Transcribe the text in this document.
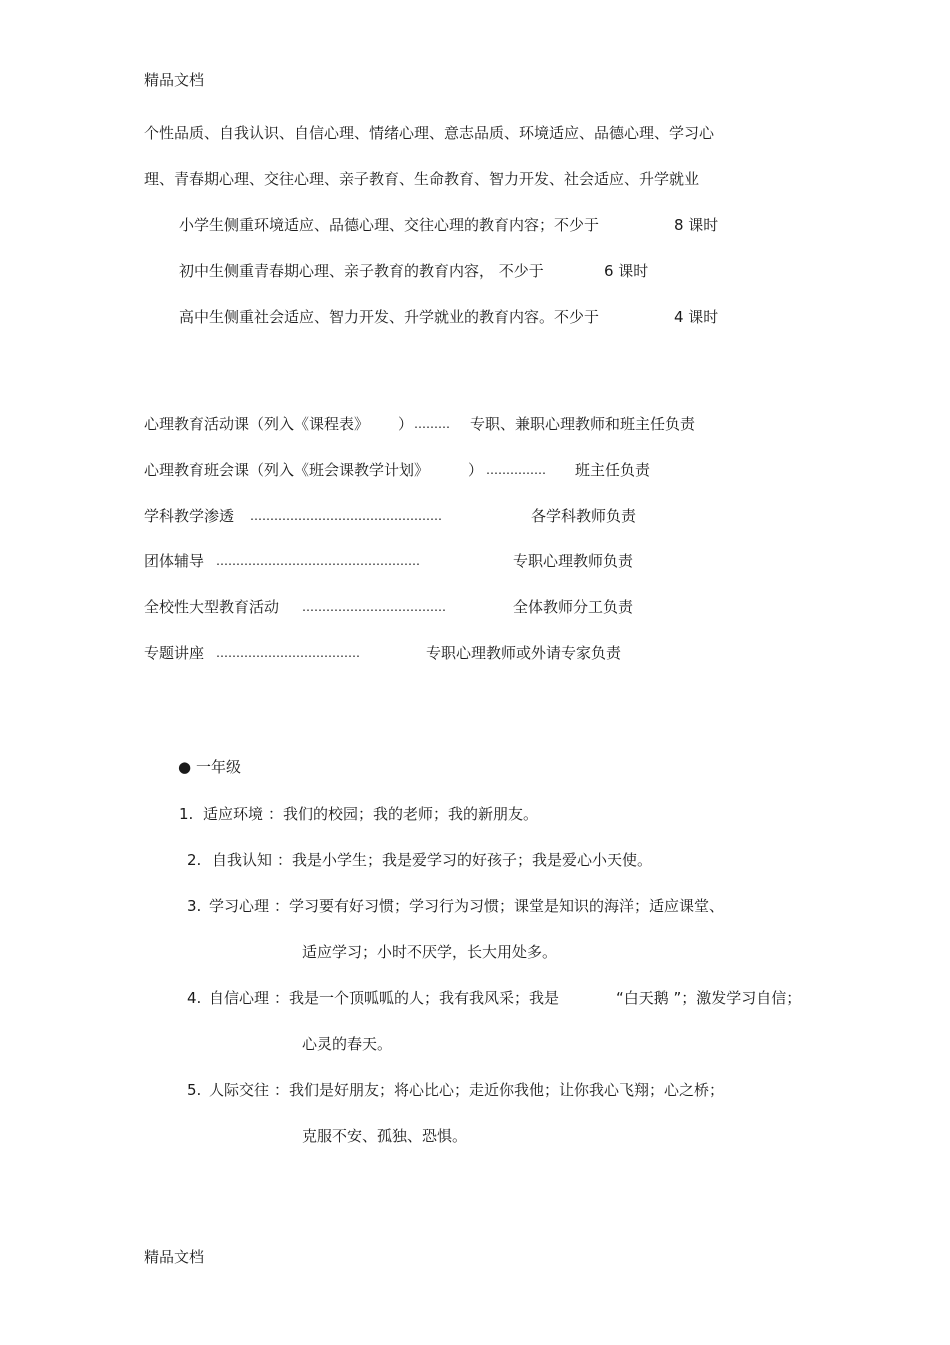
精品文档
个性品质、自我认识、自信心理、情绪心理、意志品质、环境适应、品德心理、学习心
理、青春期心理、交往心理、亲子教育、生命教育、智力开发、社会适应、升学就业
小学生侧重环境适应、品德心理、交往心理的教育内容；不少于	8 课时
初中生侧重青春期心理、亲子教育的教育内容， 不少于	6 课时
高中生侧重社会适应、智力开发、升学就业的教育内容。不少于	4 课时
心理教育活动课（列入《课程表》 ） ……… 专职、兼职心理教师和班主任负责
心理教育班会课（列入《班会课教学计划》	） …………… 班主任负责
学科教学渗透 …………………………………………	各学科教师负责
团体辅导 ……………………………………………	专职心理教师负责
全校性大型教育活动 ………………………………	全体教师分工负责
专题讲座 ………………………………	专职心理教师或外请专家负责
● 一年级
1. 适应环境 ：我们的校园；我的老师；我的新朋友。
2. 自我认知 ：我是小学生；我是爱学习的好孩子；我是爱心小天使。
3. 学习心理 ：学习要有好习惯；学习行为习惯；课堂是知识的海洋；适应课堂、
适应学习；小时不厌学，长大用处多。
4. 自信心理 ：我是一个顶呱呱的人；我有我风采；我是	“白天鹅 ”；激发学习自信；
心灵的春天。
5. 人际交往 ：我们是好朋友；将心比心；走近你我他；让你我心飞翔；心之桥；
克服不安、孤独、恐惧。
精品文档
